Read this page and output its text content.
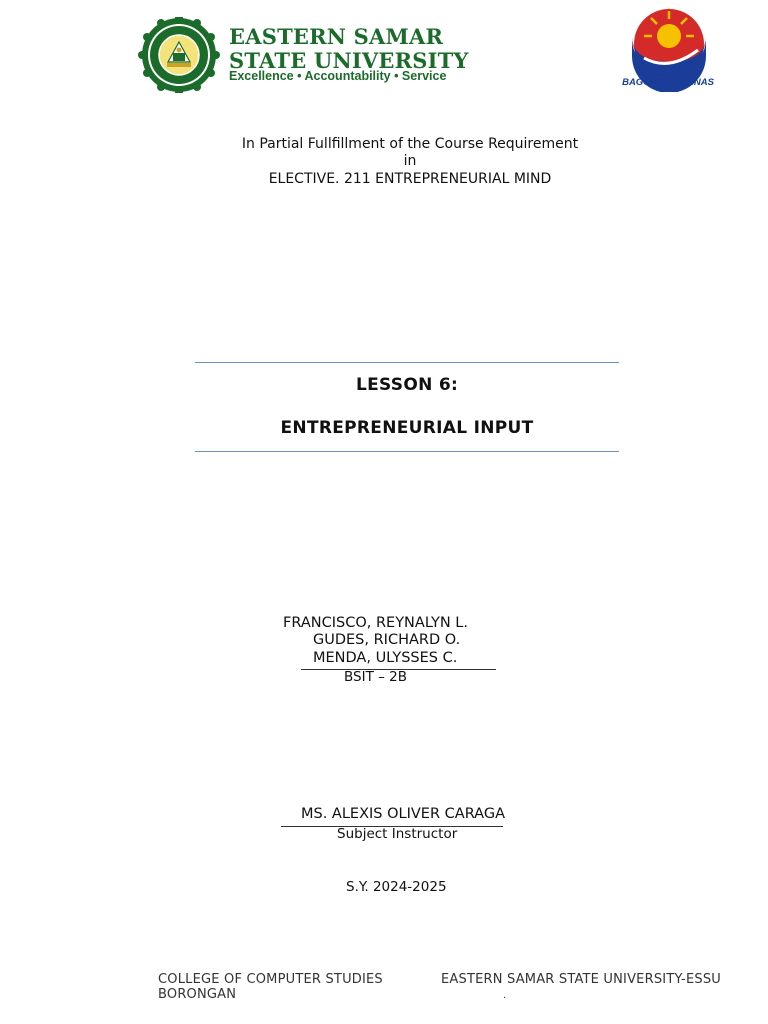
EASTERN SAMAR
STATE UNIVERSITY
Excellence • Accountability • Service	BAGONG PILIPINAS
In Partial Fullfillment of the Course Requirement
in
ELECTIVE. 211 ENTREPRENEURIAL MIND
LESSON 6:
ENTREPRENEURIAL INPUT
FRANCISCO, REYNALYN L.
GUDES, RICHARD O.
MENDA, ULYSSES C.
BSIT – 2B
MS. ALEXIS OLIVER CARAGA
Subject Instructor
S.Y. 2024-2025
COLLEGE OF COMPUTER STUDIES
BORONGAN
EASTERN SAMAR STATE UNIVERSITY-ESSU
.
